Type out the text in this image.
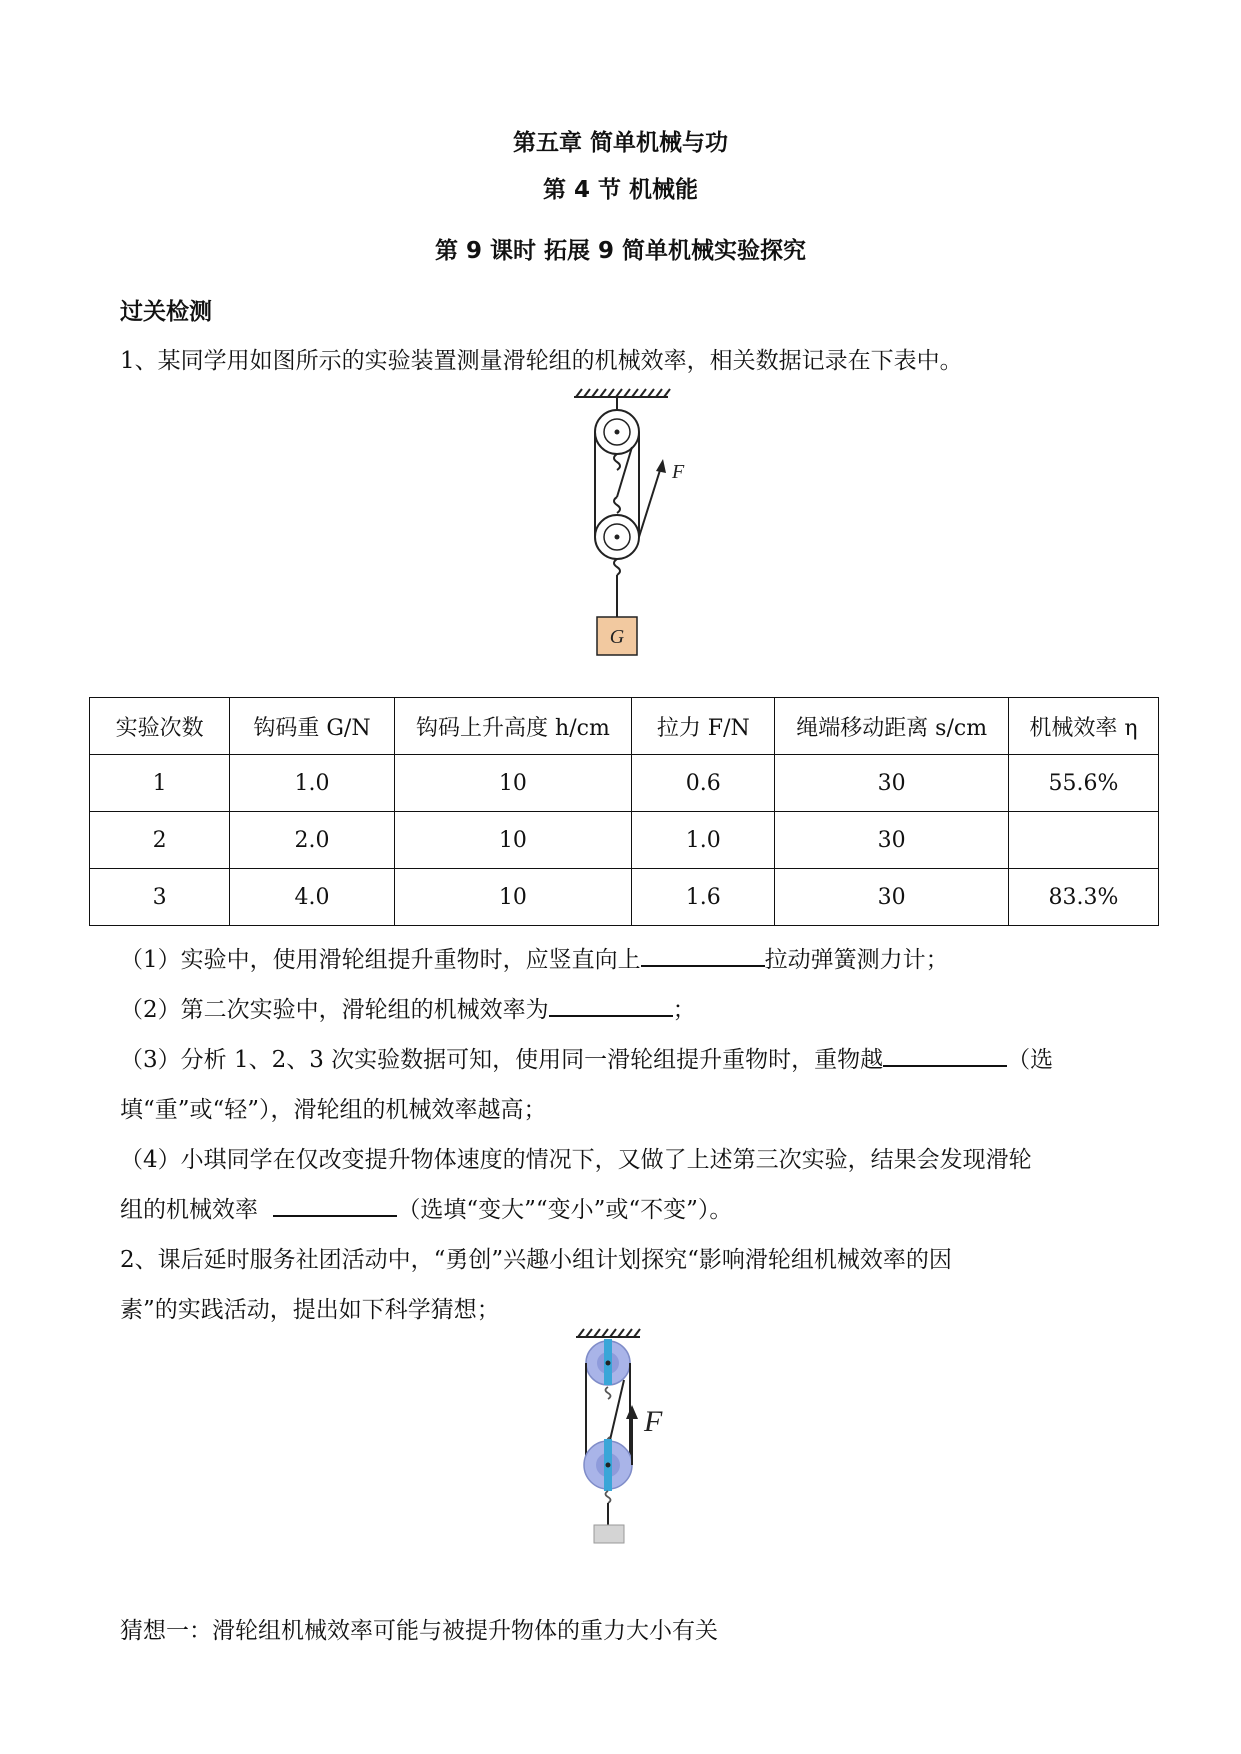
第五章 简单机械与功
第 4 节 机械能
第 9 课时 拓展 9 简单机械实验探究
过关检测
1、某同学用如图所示的实验装置测量滑轮组的机械效率，相关数据记录在下表中。
F
G
实验次数	钩码重 G/N	钩码上升高度 h/cm	拉力 F/N	绳端移动距离 s/cm	机械效率 η
1	1.0	10	0.6	30	55.6%
2	2.0	10	1.0	30	
3	4.0	10	1.6	30	83.3%
（1）实验中，使用滑轮组提升重物时，应竖直向上	拉动弹簧测力计；
（2）第二次实验中，滑轮组的机械效率为	；
（3）分析 1、2、3 次实验数据可知，使用同一滑轮组提升重物时，重物越	（选
填“重”或“轻”），滑轮组的机械效率越高；
（4）小琪同学在仅改变提升物体速度的情况下，又做了上述第三次实验，结果会发现滑轮
组的机械效率	（选填“变大”“变小”或“不变”）。
2、课后延时服务社团活动中，“勇创”兴趣小组计划探究“影响滑轮组机械效率的因
素”的实践活动，提出如下科学猜想；
F
猜想一：滑轮组机械效率可能与被提升物体的重力大小有关
